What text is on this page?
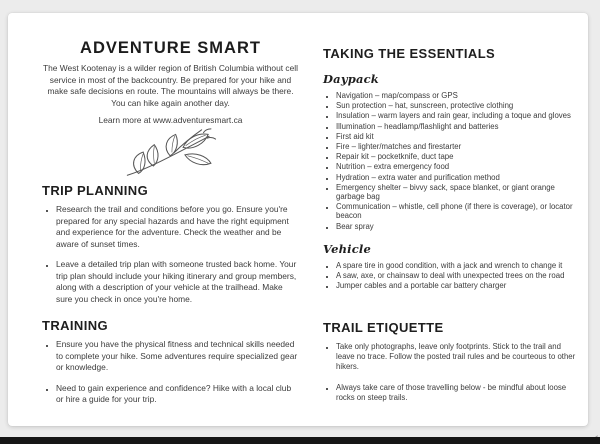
ADVENTURE SMART

The West Kootenay is a wilder region of British Columbia without cell service in most of the backcountry. Be prepared for your hike and make safe decisions en route. The mountains will always be there. You can hike again another day.

Learn more at www.adventuresmart.ca

TRIP PLANNING
• Research the trail and conditions before you go. Ensure you're prepared for any special hazards and have the right equipment and experience for the adventure. Check the weather and be aware of sunset times.
• Leave a detailed trip plan with someone trusted back home. Your trip plan should include your hiking itinerary and group members, along with a description of your vehicle at the trailhead. Make sure you check in once you're home.
TRAINING
• Ensure you have the physical fitness and technical skills needed to complete your hike. Some adventures require specialized gear or knowledge.
• Need to gain experience and confidence? Hike with a local club or hire a guide for your trip.
TAKING THE ESSENTIALS
Daypack
• Navigation – map/compass or GPS
• Sun protection – hat, sunscreen, protective clothing
• Insulation – warm layers and rain gear, including a toque and gloves
• Illumination – headlamp/flashlight and batteries
• First aid kit
• Fire – lighter/matches and firestarter
• Repair kit – pocketknife, duct tape
• Nutrition – extra emergency food
• Hydration – extra water and purification method
• Emergency shelter – bivvy sack, space blanket, or giant orange garbage bag
• Communication – whistle, cell phone (if there is coverage), or locator beacon
• Bear spray
Vehicle
• A spare tire in good condition, with a jack and wrench to change it
• A saw, axe, or chainsaw to deal with unexpected trees on the road
• Jumper cables and a portable car battery charger
TRAIL ETIQUETTE
• Take only photographs, leave only footprints. Stick to the trail and leave no trace. Follow the posted trail rules and be courteous to other hikers.
• Always take care of those travelling below - be mindful about loose rocks on steep trails.
